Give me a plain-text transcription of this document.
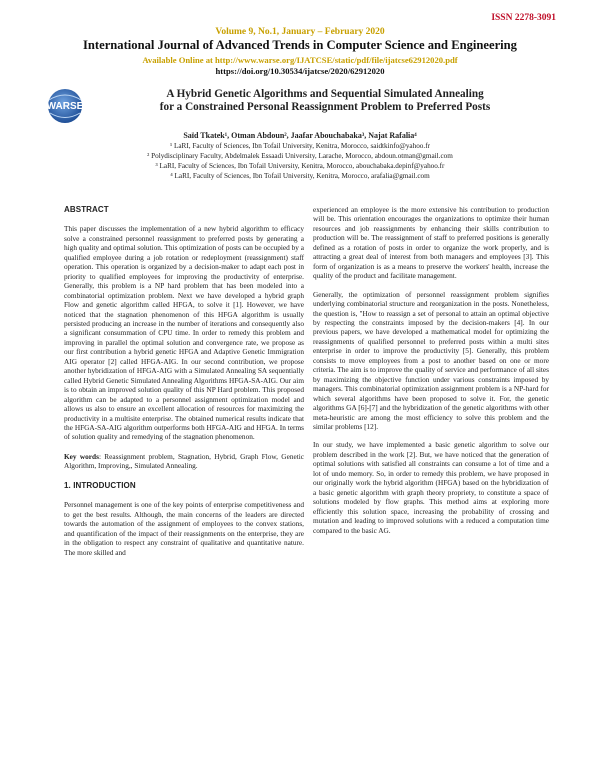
ISSN 2278-3091
Volume 9, No.1, January – February 2020
International Journal of Advanced Trends in Computer Science and Engineering
Available Online at http://www.warse.org/IJATCSE/static/pdf/file/ijatcse62912020.pdf
https://doi.org/10.30534/ijatcse/2020/62912020
WARSE
A Hybrid Genetic Algorithms and Sequential Simulated Annealing
for a Constrained Personal Reassignment Problem to Preferred Posts
Saïd Tkatek¹, Otman Abdoun², Jaafar Abouchabaka³, Najat Rafalia⁴
¹ LaRI, Faculty of Sciences, Ibn Tofail University, Kenitra, Morocco, saidtkinfo@yahoo.fr
² Polydisciplinary Faculty, Abdelmalek Essaadi University, Larache, Morocco, abdoun.otman@gmail.com
³ LaRI, Faculty of Sciences, Ibn Tofail University, Kenitra, Morocco, abouchabaka.depinf@yahoo.fr
⁴ LaRI, Faculty of Sciences, Ibn Tofail University, Kenitra, Morocco, arafalia@gmail.com
ABSTRACT

This paper discusses the implementation of a new hybrid algorithm to efficacy solve a constrained personnel reassignment to preferred posts by generating a high quality and optimal solution. This optimization of posts can be occupied by a qualified employee during a job rotation or redeployment (reassignment) staff operation. This operation is organized by a decision-maker to adapt each post in priority to qualified employees for improving the productivity of enterprise. Generally, this problem is a NP hard problem that has been modeled into a combinatorial optimization problem. Next we have developed a hybrid graph Flow and genetic algorithm called HFGA, to solve it [1]. However, we have noticed that the stagnation phenomenon of this HFGA algorithm is usually persisted producing an increase in the number of iterations and consequently also a significant consummation of CPU time. In order to remedy this problem and improving in parallel the optimal solution and convergence rate, we propose as our first contribution a hybrid genetic HFGA and Adaptive Genetic Immigration AIG operator [2] called HFGA-AIG. In our second contribution, we propose another hybridization of HFGA-AIG with a Simulated Annealing SA sequentially called Hybrid Genetic Simulated Annealing Algorithms HFGA-SA-AIG. Our aim is to obtain an improved solution quality of this NP Hard problem. This proposed algorithm can be adapted to a personnel assignment optimization model and allows us also to ensure an excellent allocation of resources for maximizing the productivity in a multisite enterprise. The obtained numerical results indicate that the HFGA-SA-AIG algorithm outperforms both HFGA-AIG and HFGA. In terms of solution quality and remedying of the stagnation phenomenon.

Key words: Reassignment problem, Stagnation, Hybrid, Graph Flow, Genetic Algorithm, Improving,, Simulated Annealing.

1. INTRODUCTION

Personnel management is one of the key points of enterprise competitiveness and to get the best results. Although, the main concerns of the leaders are directed towards the automation of the assignment of employees to the convex stations, and quantification of the impact of their reassignments on the enterprise, they are in the obligation to respect any constraint of qualitative and quantitative nature. The more skilled and

experienced an employee is the more extensive his contribution to production will be. This orientation encourages the organizations to optimize their human resources and job reassignments by enhancing their skills contribution to production will be. The reassignment of staff to preferred positions is generally defined as a rotation of posts in order to organize the work properly, and is attracting a great deal of interest from both managers and employees [3]. This form of organization is as a means to preserve the workers' health, increase the quality of the product and facilitate management.

Generally, the optimization of personnel reassignment problem signifies underlying combinatorial structure and reorganization in the posts. Nonetheless, the question is, "How to reassign a set of personal to attain an optimal objective by respecting the constraints imposed by the decision-makers [4]. In our previous papers, we have developed a mathematical model for optimizing the reassignments of qualified personnel to preferred posts within a multi sites enterprise in order to improve the productivity [5]. Generally, this problem consists to move employees from a post to another based on one or more criteria. The aim is to improve the quality of service and performance of all sites by maximizing the objective function under various constraints imposed by managers. This combinatorial optimization assignment problem is a NP-hard for which several algorithms have been proposed to solve it. For, the genetic algorithms GA [6]-[7] and the hybridization of the genetic algorithms with other meta-heuristic are among the most efficiency to solve this problem and the similar problems [12].

In our study, we have implemented a basic genetic algorithm to solve our problem described in the work [2]. But, we have noticed that the generation of optimal solutions with satisfied all constraints can consume a lot of time and a lot of undo memory. So, in order to remedy this problem, we have proposed in our originally work the hybrid algorithm (HFGA) based on the hybridization of a basic genetic algorithm with graph theory propriety, to constitute a space of solutions modeled by flow graphs. This method aims at exploring more efficiently this solution space, increasing the probability of crossing and mutation and leading to improved solutions with a reduced a computation time compared to the basic AG.
